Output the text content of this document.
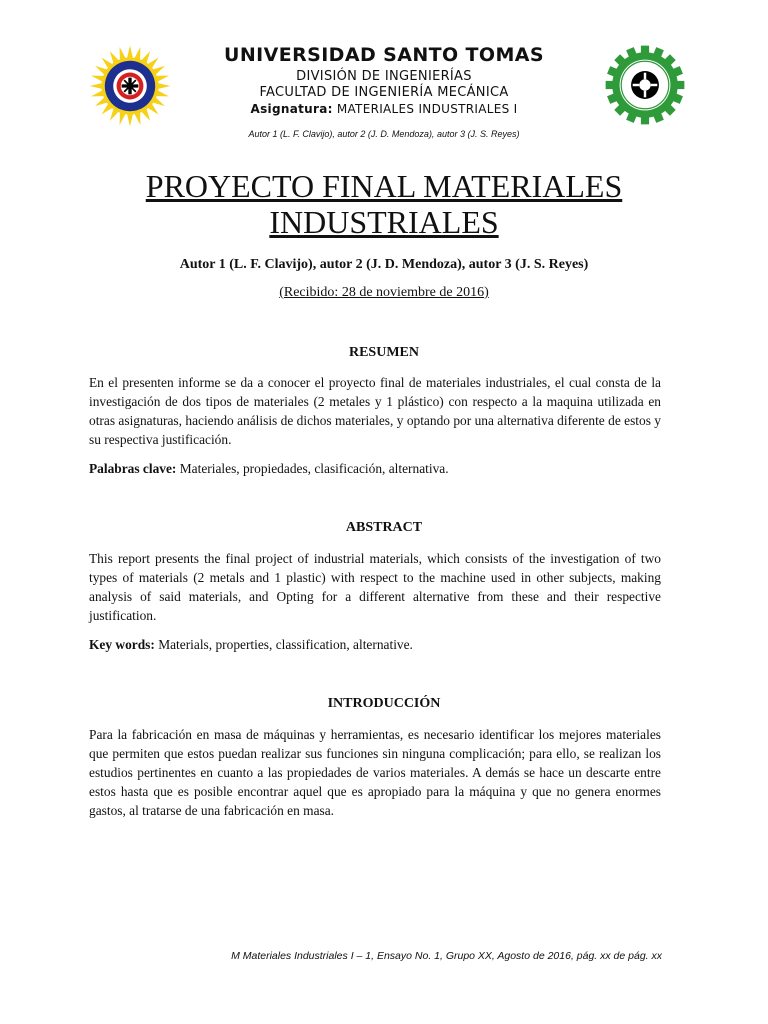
UNIVERSIDAD SANTO TOMAS
DIVISIÓN DE INGENIERÍAS
FACULTAD DE INGENIERÍA MECÁNICA
Asignatura: MATERIALES INDUSTRIALES I
Autor 1 (L. F. Clavijo), autor 2 (J. D. Mendoza), autor 3 (J. S. Reyes)
PROYECTO FINAL MATERIALES
INDUSTRIALES
Autor 1 (L. F. Clavijo), autor 2 (J. D. Mendoza), autor 3 (J. S. Reyes)
(Recibido: 28 de noviembre de 2016)
RESUMEN
En el presenten informe se da a conocer el proyecto final de materiales industriales, el cual consta de la investigación de dos tipos de materiales (2 metales y 1 plástico) con respecto a la maquina utilizada en otras asignaturas, haciendo análisis de dichos materiales, y optando por una alternativa diferente de estos y su respectiva justificación.
Palabras clave: Materiales, propiedades, clasificación, alternativa.
ABSTRACT
This report presents the final project of industrial materials, which consists of the investigation of two types of materials (2 metals and 1 plastic) with respect to the machine used in other subjects, making analysis of said materials, and Opting for a different alternative from these and their respective justification.
Key words: Materials, properties, classification, alternative.
INTRODUCCIÓN
Para la fabricación en masa de máquinas y herramientas, es necesario identificar los mejores materiales que permiten que estos puedan realizar sus funciones sin ninguna complicación; para ello, se realizan los estudios pertinentes en cuanto a las propiedades de varios materiales. A demás se hace un descarte entre estos hasta que es posible encontrar aquel que es apropiado para la máquina y que no genera enormes gastos, al tratarse de una fabricación en masa.
M Materiales Industriales I – 1, Ensayo No. 1, Grupo XX, Agosto de 2016, pág. xx de pág. xx
